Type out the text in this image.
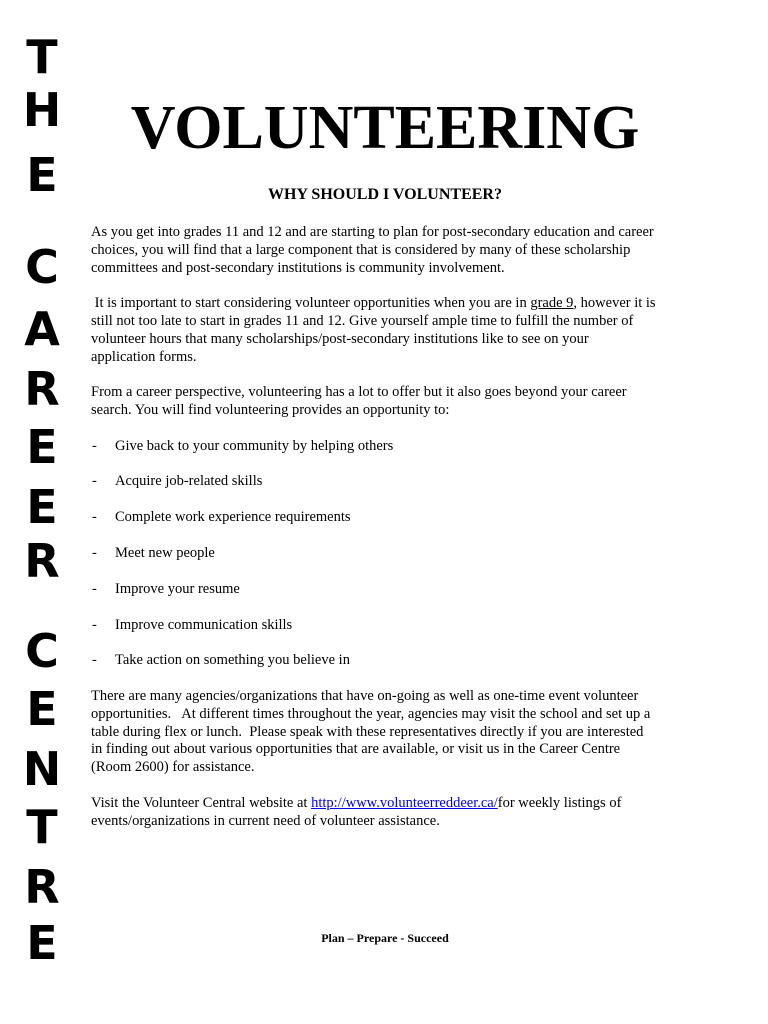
T
H
E
C
A
R
E
E
R
C
E
N
T
R
E
VOLUNTEERING
WHY SHOULD I VOLUNTEER?
As you get into grades 11 and 12 and are starting to plan for post-secondary education and career
choices, you will find that a large component that is considered by many of these scholarship
committees and post-secondary institutions is community involvement.
It is important to start considering volunteer opportunities when you are in grade 9, however it is
still not too late to start in grades 11 and 12. Give yourself ample time to fulfill the number of
volunteer hours that many scholarships/post-secondary institutions like to see on your
application forms.
From a career perspective, volunteering has a lot to offer but it also goes beyond your career
search. You will find volunteering provides an opportunity to:
- Give back to your community by helping others
- Acquire job-related skills
- Complete work experience requirements
- Meet new people
- Improve your resume
- Improve communication skills
- Take action on something you believe in
There are many agencies/organizations that have on-going as well as one-time event volunteer
opportunities.   At different times throughout the year, agencies may visit the school and set up a
table during flex or lunch.  Please speak with these representatives directly if you are interested
in finding out about various opportunities that are available, or visit us in the Career Centre
(Room 2600) for assistance.
Visit the Volunteer Central website at http://www.volunteerreddeer.ca/for weekly listings of
events/organizations in current need of volunteer assistance.
Plan – Prepare - Succeed
